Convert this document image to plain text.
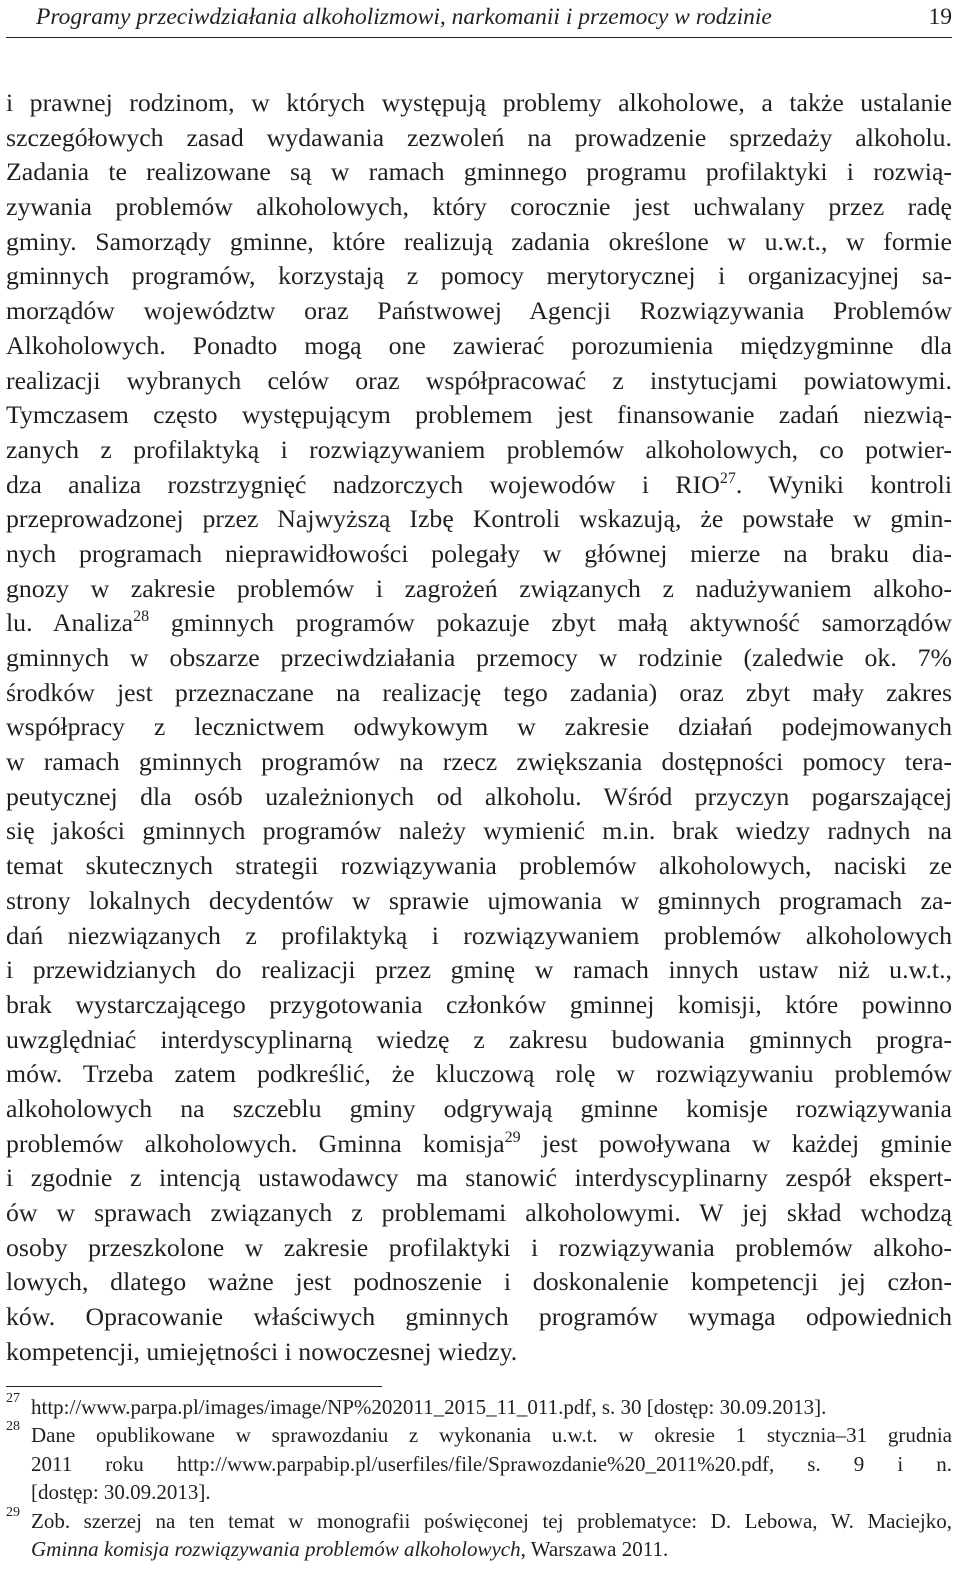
Programy przeciwdziałania alkoholizmowi, narkomanii i przemocy w rodzinie	19
i prawnej rodzinom, w których występują problemy alkoholowe, a także ustalanie
szczegółowych zasad wydawania zezwoleń na prowadzenie sprzedaży alkoholu.
Zadania te realizowane są w ramach gminnego programu profilaktyki i rozwią-
zywania problemów alkoholowych, który corocznie jest uchwalany przez radę
gminy. Samorządy gminne, które realizują zadania określone w u.w.t., w formie
gminnych programów, korzystają z pomocy merytorycznej i organizacyjnej sa-
morządów województw oraz Państwowej Agencji Rozwiązywania Problemów
Alkoholowych. Ponadto mogą one zawierać porozumienia międzygminne dla
realizacji wybranych celów oraz współpracować z instytucjami powiatowymi.
Tymczasem często występującym problemem jest finansowanie zadań niezwią-
zanych z profilaktyką i rozwiązywaniem problemów alkoholowych, co potwier-
dza analiza rozstrzygnięć nadzorczych wojewodów i RIO$^{27}$. Wyniki kontroli
przeprowadzonej przez Najwyższą Izbę Kontroli wskazują, że powstałe w gmin-
nych programach nieprawidłowości polegały w głównej mierze na braku dia-
gnozy w zakresie problemów i zagrożeń związanych z nadużywaniem alkoho-
lu. Analiza$^{28}$ gminnych programów pokazuje zbyt małą aktywność samorządów
gminnych w obszarze przeciwdziałania przemocy w rodzinie (zaledwie ok. 7%
środków jest przeznaczane na realizację tego zadania) oraz zbyt mały zakres
współpracy z lecznictwem odwykowym w zakresie działań podejmowanych
w ramach gminnych programów na rzecz zwiększania dostępności pomocy tera-
peutycznej dla osób uzależnionych od alkoholu. Wśród przyczyn pogarszającej
się jakości gminnych programów należy wymienić m.in. brak wiedzy radnych na
temat skutecznych strategii rozwiązywania problemów alkoholowych, naciski ze
strony lokalnych decydentów w sprawie ujmowania w gminnych programach za-
dań niezwiązanych z profilaktyką i rozwiązywaniem problemów alkoholowych
i przewidzianych do realizacji przez gminę w ramach innych ustaw niż u.w.t.,
brak wystarczającego przygotowania członków gminnej komisji, które powinno
uwzględniać interdyscyplinarną wiedzę z zakresu budowania gminnych progra-
mów. Trzeba zatem podkreślić, że kluczową rolę w rozwiązywaniu problemów
alkoholowych na szczeblu gminy odgrywają gminne komisje rozwiązywania
problemów alkoholowych. Gminna komisja$^{29}$ jest powoływana w każdej gminie
i zgodnie z intencją ustawodawcy ma stanowić interdyscyplinarny zespół ekspert-
ów w sprawach związanych z problemami alkoholowymi. W jej skład wchodzą
osoby przeszkolone w zakresie profilaktyki i rozwiązywania problemów alkoho-
lowych, dlatego ważne jest podnoszenie i doskonalenie kompetencji jej człon-
ków. Opracowanie właściwych gminnych programów wymaga odpowiednich
kompetencji, umiejętności i nowoczesnej wiedzy.
27 http://www.parpa.pl/images/image/NP%202011_2015_11_011.pdf, s. 30 [dostęp: 30.09.2013].
28 Dane opublikowane w sprawozdaniu z wykonania u.w.t. w okresie 1 stycznia–31 grudnia
2011 roku http://www.parpabip.pl/userfiles/file/Sprawozdanie%20_2011%20.pdf, s. 9 i n.
[dostęp: 30.09.2013].
29 Zob. szerzej na ten temat w monografii poświęconej tej problematyce: D. Lebowa, W. Maciejko,
Gminna komisja rozwiązywania problemów alkoholowych, Warszawa 2011.
